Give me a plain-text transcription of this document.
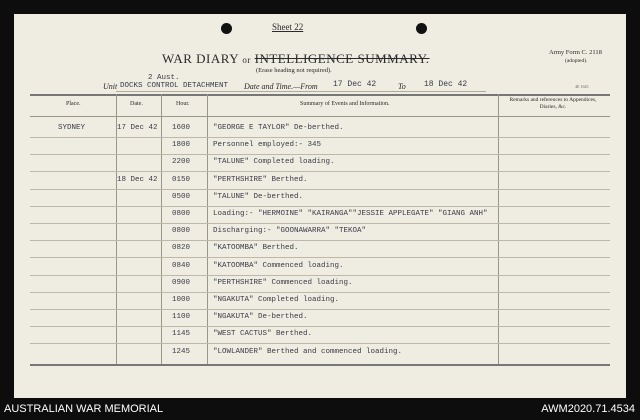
Sheet 22
WAR DIARY or INTELLIGENCE SUMMARY.
(Erase heading not required).
Army Form C. 2118
(adopted).
4E 1645
2 Aust.
Unit DOCKS CONTROL DETACHMENT Date and Time.—From 17 Dec 42	To 18 Dec 42
Place.	Date.	Hour.	Summary of Events and Information.
Remarks and references to Appendices, Diaries, &c.
SYDNEY	17 Dec 42 1600	"GEORGE E TAYLOR" De-berthed.
1800	Personnel employed:- 345
2200	"TALUNE" Completed loading.
18 Dec 42 0150	"PERTHSHIRE" Berthed.
0500	"TALUNE" De-berthed.
0800	Loading:- "HERMOINE" "KAIRANGA""JESSIE APPLEGATE" "GIANG ANH"
0800	Discharging:- "GOONAWARRA" "TEKOA"
0820	"KATOOMBA" Berthed.
0840	"KATOOMBA" Commenced loading.
0900	"PERTHSHIRE" Commenced loading.
1000	"NGAKUTA" Completed loading.
1100	"NGAKUTA" De-berthed.
1145	"WEST CACTUS" Berthed.
1245	"LOWLANDER" Berthed and commenced loading.
AUSTRALIAN WAR MEMORIAL	AWM2020.71.4534
